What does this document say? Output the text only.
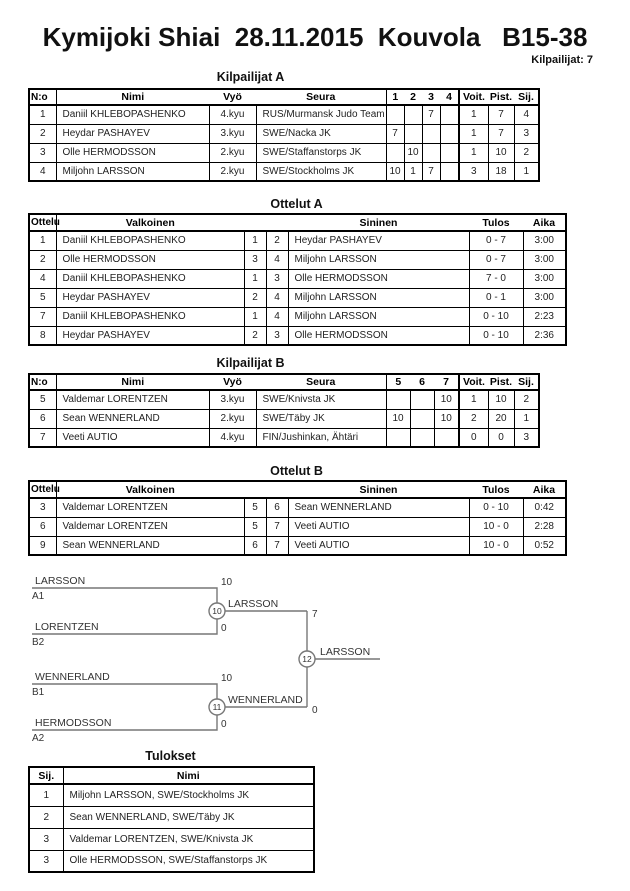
Kymijoki Shiai  28.11.2015  Kouvola   B15-38
Kilpailijat: 7
Kilpailijat A
N:o	Nimi	Vyö	Seura	1	2	3	4	Voit.	Pist.	Sij.
1	Daniil KHLEBOPASHENKO	4.kyu	RUS/Murmansk Judo Team			7		1	7	4
2	Heydar PASHAYEV	3.kyu	SWE/Nacka JK	7				1	7	3
3	Olle HERMODSSON	2.kyu	SWE/Staffanstorps JK		10			1	10	2
4	Miljohn LARSSON	2.kyu	SWE/Stockholms JK	10	1	7		3	18	1
Ottelut A
Ottelu	Valkoinen			Sininen	Tulos	Aika
1	Daniil KHLEBOPASHENKO	1	2	Heydar PASHAYEV	0 - 7	3:00
2	Olle HERMODSSON	3	4	Miljohn LARSSON	0 - 7	3:00
4	Daniil KHLEBOPASHENKO	1	3	Olle HERMODSSON	7 - 0	3:00
5	Heydar PASHAYEV	2	4	Miljohn LARSSON	0 - 1	3:00
7	Daniil KHLEBOPASHENKO	1	4	Miljohn LARSSON	0 - 10	2:23
8	Heydar PASHAYEV	2	3	Olle HERMODSSON	0 - 10	2:36
Kilpailijat B
N:o	Nimi	Vyö	Seura	5	6	7	Voit.	Pist.	Sij.
5	Valdemar LORENTZEN	3.kyu	SWE/Knivsta JK			10	1	10	2
6	Sean WENNERLAND	2.kyu	SWE/Täby JK	10		10	2	20	1
7	Veeti AUTIO	4.kyu	FIN/Jushinkan, Ähtäri				0	0	3
Ottelut B
Ottelu	Valkoinen			Sininen	Tulos	Aika
3	Valdemar LORENTZEN	5	6	Sean WENNERLAND	0 - 10	0:42
6	Valdemar LORENTZEN	5	7	Veeti AUTIO	10 - 0	2:28
9	Sean WENNERLAND	6	7	Veeti AUTIO	10 - 0	0:52
10
11
12
LARSSON
A1
10
LORENTZEN
B2
0
LARSSON
7
WENNERLAND
B1
10
HERMODSSON
A2
0
WENNERLAND
0
LARSSON
Tulokset
Sij.	Nimi
1	Miljohn LARSSON, SWE/Stockholms JK
2	Sean WENNERLAND, SWE/Täby JK
3	Valdemar LORENTZEN, SWE/Knivsta JK
3	Olle HERMODSSON, SWE/Staffanstorps JK
